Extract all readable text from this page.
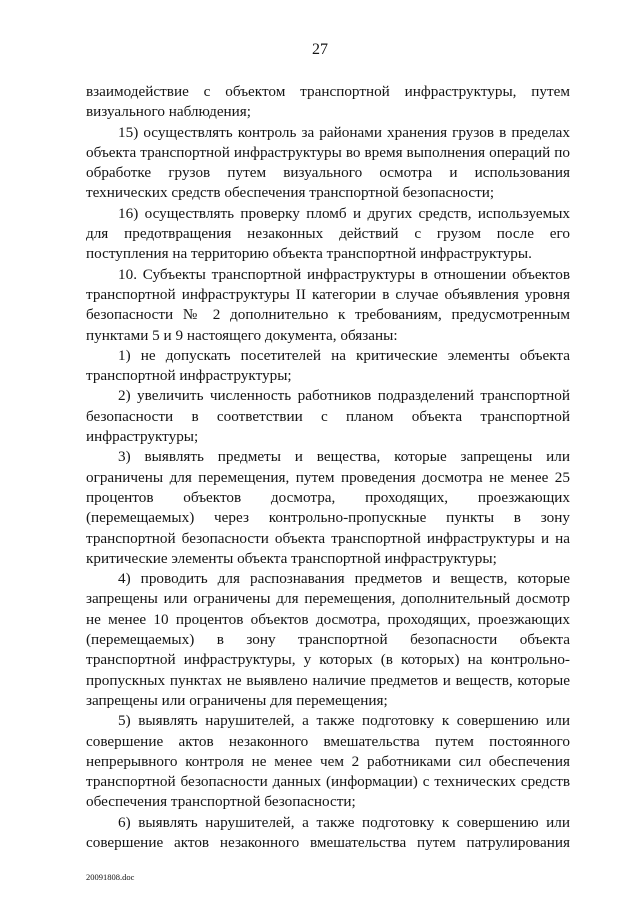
27

взаимодействие с объектом транспортной инфраструктуры, путем визуального наблюдения;

15) осуществлять контроль за районами хранения грузов в пределах объекта транспортной инфраструктуры во время выполнения операций по обработке грузов путем визуального осмотра и использования технических средств обеспечения транспортной безопасности;

16) осуществлять проверку пломб и других средств, используемых для предотвращения незаконных действий с грузом после его поступления на территорию объекта транспортной инфраструктуры.

10. Субъекты транспортной инфраструктуры в отношении объектов транспортной инфраструктуры II категории в случае объявления уровня безопасности № 2 дополнительно к требованиям, предусмотренным пунктами 5 и 9 настоящего документа, обязаны:

1) не допускать посетителей на критические элементы объекта транспортной инфраструктуры;

2) увеличить численность работников подразделений транспортной безопасности в соответствии с планом объекта транспортной инфраструктуры;

3) выявлять предметы и вещества, которые запрещены или ограничены для перемещения, путем проведения досмотра не менее 25 процентов объектов досмотра, проходящих, проезжающих (перемещаемых) через контрольно-пропускные пункты в зону транспортной безопасности объекта транспортной инфраструктуры и на критические элементы объекта транспортной инфраструктуры;

4) проводить для распознавания предметов и веществ, которые запрещены или ограничены для перемещения, дополнительный досмотр не менее 10 процентов объектов досмотра, проходящих, проезжающих (перемещаемых) в зону транспортной безопасности объекта транспортной инфраструктуры, у которых (в которых) на контрольно-пропускных пунктах не выявлено наличие предметов и веществ, которые запрещены или ограничены для перемещения;

5) выявлять нарушителей, а также подготовку к совершению или совершение актов незаконного вмешательства путем постоянного непрерывного контроля не менее чем 2 работниками сил обеспечения транспортной безопасности данных (информации) с технических средств обеспечения транспортной безопасности;

6) выявлять нарушителей, а также подготовку к совершению или совершение актов незаконного вмешательства путем патрулирования

20091808.doc
